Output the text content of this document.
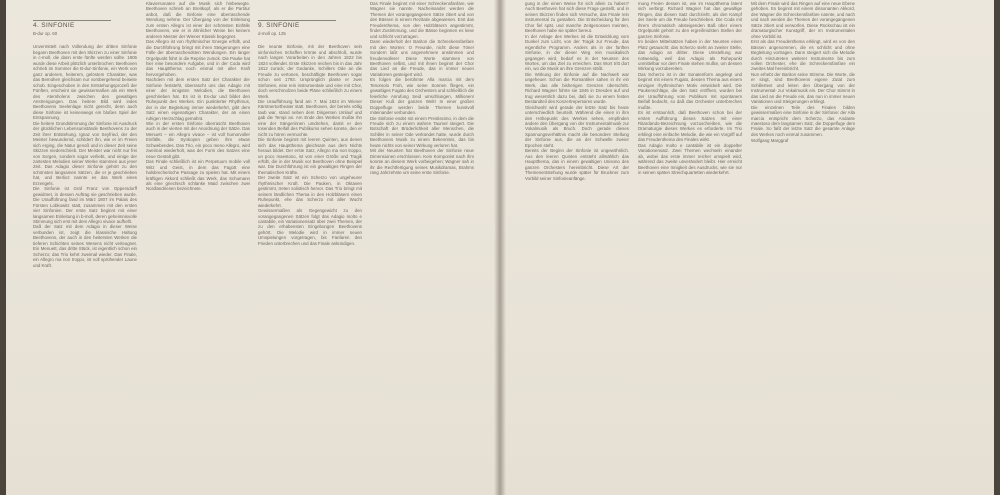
4. SINFONIE
B-dur op. 60

Unvermittelt nach Vollendung der dritten Sinfonie begann Beethoven mit den Skizzen zu einer Sinfonie in c-moll, die dann erste fünfte werden sollte. 1806 wurde diese Arbeit plötzlich unterbrochen: Beethoven schrieb im Sommer die B-dur-Sinfonie, ein Werk von ganz anderem, heiterem, gelöstem Charakter, was das Bemühen gleichsam nur vorübergehend beiseite schob. Eingeschoben in den Entstehungsprozeß der Fünften, erscheint sie gewissermaßen als ein Werk des Atemholens zwischen den gewaltigen Anstrengungen. Das heitere Bild wird indes Beethovens Seelenlage nicht gerecht, denn auch diese Sinfonie ist keineswegs ein bloßes Spiel der Entspannung.

Die heitere Grundstimmung der Sinfonie ist Ausdruck der glücklichen Lebensumstände Beethovens zu der Zeit ihrer Entstehung. Ignaz von Seyfried, der den Meister bewundernd, schildert ihn, wie er im Freien sich erging, die Natur genoß und in dieser Zeit seine Skizzen niederschrieb. Der Meister war nicht nur frei von Sorgen, sondern sogar verliebt, und einige der zartesten Melodien seiner Werke stammen aus jener Zeit. Das Adagio dieser Sinfonie gehört zu den schönsten langsamen Sätzen, die er je geschrieben hat, und Berlioz nannte es das Werk eines Erzengels.

Die Sinfonie ist Graf Franz von Oppersdorff gewidmet, in dessen Auftrag sie geschrieben wurde. Die Uraufführung fand im März 1807 im Palais des Fürsten Lobkowitz statt, zusammen mit den ersten vier Sinfonien. Der erste Satz beginnt mit einer langsamen Einleitung in b-moll, deren geheimnisvolle Stimmung sich erst mit dem Allegro vivace aufhellt.

Daß der Satz mit dem Adagio in dieser Weise verbunden ist, zeigt die klassische Haltung Beethovens, der auch in den heitersten Werken die tieferen Schichten seines Wesens nicht verleugnet. Ein Menuett, das dritte Stück, ist eigentlich schon ein Scherzo; das Trio kehrt zweimal wieder. Das Finale, ein Allegro ma non troppo, ist voll sprühender Laune und Kraft.

Klaviersonaten auf die Musik sich hinbewegte. Beethoven schrieb an Breitkopf, als er die Partitur anbot, daß die Sinfonie eine überraschende Wendung nehme. Der Übergang von der Einleitung zum ersten Allegro ist einer der schönsten Einfälle Beethovens, wie er in ähnlicher Weise bei keinem anderen Meister der Wiener Klassik begegnet.

Das Allegro ist von rhythmischer Energie erfüllt, und die Durchführung bringt mit ihren Steigerungen eine Fülle der überraschendsten Wendungen. Ein langer Orgelpunkt führt in die Reprise zurück. Die Pauke hat hier eine besondere Aufgabe, und in der Coda wird das Hauptthema noch einmal mit aller Kraft hervorgehoben.

Nachdem mit dem ersten Satz der Charakter der Sinfonie feststeht, überrascht uns das Adagio mit einer der innigsten Melodien, die Beethoven geschrieben hat. Es ist in Es-dur und bildet den Ruhepunkt des Werkes. Ein punktierter Rhythmus, der in der Begleitung immer wiederkehrt, gibt dem Satz einen eigenartigen Charakter, der an einen ruhigen Herzschlag gemahnt.

Wie in der ersten Sinfonie überrascht Beethoven auch in der vierten mit der Anordnung der Sätze. Das Menuett – ein Allegro vivace – ist voll humorvoller Einfälle, die Synkopen geben ihm etwas Schwebendes. Das Trio, ein poco meno Allegro, wird zweimal wiederholt, was der Form des Satzes eine neue Gestalt gibt.

Das Finale schließlich ist ein Perpetuum mobile voll Witz und Geist, in dem das Fagott eine halsbrecherische Passage zu spielen hat. Mit einem kräftigen Akkord schließt das Werk, das Schumann als eine griechisch schlanke Maid zwischen zwei Nordlandriesen bezeichnete.

9. SINFONIE
d-moll op. 125

Die neunte Sinfonie, mit der Beethoven sein sinfonisches Schaffen krönte und abschloß, wurde nach langen Vorarbeiten in den Jahren 1822 bis 1824 vollendet. Erste Skizzen reichen bis in das Jahr 1812 zurück; der Gedanke, Schillers Ode an die Freude zu vertonen, beschäftigte Beethoven sogar schon seit 1793. Ursprünglich plante er zwei Sinfonien, eine rein instrumentale und eine mit Chor, doch verschmolzen beide Pläne schließlich zu einem Werk.

Die Uraufführung fand am 7. Mai 1824 im Wiener Kärntnertortheater statt. Beethoven, der bereits völlig taub war, stand neben dem Dirigenten Umlauf und gab die Tempi an. Am Ende des Werkes mußte ihn eine der Sängerinnen umdrehen, damit er den tosenden Beifall des Publikums sehen konnte, den er nicht zu hören vermochte.

Die Sinfonie beginnt mit leeren Quinten, aus denen sich das Hauptthema gleichsam aus dem Nichts heraus bildet. Der erste Satz, Allegro ma non troppo, un poco maestoso, ist von einer Größe und Tragik erfüllt, die in der Musik vor Beethoven ohne Beispiel war. Die Durchführung ist ein gewaltiges Ringen der thematischen Kräfte.

Der zweite Satz ist ein Scherzo von ungeheurer rhythmischer Kraft. Die Pauken, in Oktaven gestimmt, treten solistisch hervor. Das Trio bringt mit seinem ländlichen Thema in den Holzbläsern einen Ruhepunkt, ehe das Scherzo mit aller Wucht wiederkehrt.

Gewissermaßen als Gegengewicht zu den vorangegangenen Sätzen folgt das Adagio molto e cantabile, ein Variationensatz über zwei Themen, der zu den erhabensten Eingebungen Beethovens gehört. Die Melodie wird in immer neuen Umspielungen vorgetragen, bis Fanfaren den Frieden unterbrechen und das Finale ankündigen.

Das Finale beginnt mit einer Schreckensfanfare, wie Wagner sie nannte. Nacheinander werden die Themen der vorangegangenen Sätze zitiert und von den Bässen in einem Rezitativ abgewiesen. Erst das Freudenthema, von den Holzbläsern angestimmt, findet Zustimmung, und die Bässe beginnen es leise und schlicht vorzutragen.

Dann wiederholt der Bariton die Schreckensfanfare mit den Worten: O Freunde, nicht diese Töne! Sondern laßt uns angenehmere anstimmen und freudenvollere! Diese Worte stammen von Beethoven selbst, und mit ihnen beginnt der Chor das Lied an die Freude, das in immer neuen Variationen gesteigert wird.

Es folgen die berühmte Alla marcia mit dem Tenorsolo Froh, wie seine Sonnen fliegen, ein gewaltiges Fugato des Orchesters und schließlich die feierliche Anrufung Seid umschlungen, Millionen! Dieser Kuß der ganzen Welt! In einer großen Doppelfuge werden beide Themen kunstvoll miteinander verbunden.

Die Sinfonie endet mit einem Prestissimo, in dem die Freude sich zu einem wahren Taumel steigert. Die Botschaft der Brüderlichkeit aller Menschen, die Schiller in seiner Ode verkündet hatte, wurde durch Beethovens Musik zu einem Bekenntnis, das bis heute nichts von seiner Wirkung verloren hat.

Mit der Neunten hat Beethoven der Sinfonie neue Dimensionen erschlossen. Kein Komponist nach ihm konnte an diesem Werk vorbeigehen; Wagner sah in ihr die Rechtfertigung seines Musikdramas, Brahms rang Jahrzehnte um seine erste Sinfonie.

gung in der einen Weise für sich allein zu haben? Auch Beethoven hat sich diese Frage gestellt, und in seinen Skizzen finden sich Versuche, das Finale rein instrumental zu gestalten. Die Entscheidung für den Chor fiel spät, und manche Zeitgenossen meinten, Beethoven habe sie später bereut.

In der Anlage des Werkes ist die Entwicklung vom Dunkel zum Licht, von der Tragik zur Freude, das eigentliche Programm. Anders als in der fünften Sinfonie, in der dieser Weg rein musikalisch gegangen wird, bedarf es in der Neunten des Wortes, um das Ziel zu erreichen. Das Wort tritt dort ein, wo die Musik an ihre Grenzen stößt.

Die Wirkung der Sinfonie auf die Nachwelt war ungeheuer. Schon die Romantiker sahen in ihr ein Werk, das alle bisherigen Grenzen überschritt. Richard Wagner führte sie 1846 in Dresden auf und trug wesentlich dazu bei, daß sie zu einem festen Bestandteil des Konzertrepertoires wurde.

Gleichwohl wird gerade der letzte Satz bis heute unterschiedlich beurteilt. Während die einen in ihm den Höhepunkt des Werkes sehen, empfinden andere den Übergang von der Instrumentalmusik zur Vokalmusik als Bruch. Doch gerade dieses Spannungsverhältnis macht die besondere Stellung der Sinfonie aus, die an der Schwelle zweier Epochen steht.

Bereits der Beginn der Sinfonie ist ungewöhnlich. Aus den leeren Quinten entsteht allmählich das Hauptthema, das in einem gewaltigen Unisono des ganzen Orchesters hereinbricht. Diese Art der Themenentstehung wurde später für Bruckner zum Vorbild seiner Sinfonieanfänge.

mung Freien dessen ist, wie im Hauptthema latent sich verbirgt. Richard Wagner hat das gewaltige Ringen, das diesen Satz durchzieht, als den Kampf der Seele um die Freude beschrieben. Die Coda mit ihrem chromatisch absteigenden Baß über einem Orgelpunkt gehört zu den ergreifendsten Stellen der ganzen Sinfonie.

Im beiden Mittelsätzen haben in der Neunten einen Platz getauscht: das Scherzo steht an zweiter Stelle, das Adagio an dritter. Diese Umstellung war notwendig, weil das Adagio als Ruhepunkt unmittelbar vor dem Finale stehen mußte, um dessen Wirkung vorzubereiten.

Das Scherzo ist in der Sonatenform angelegt und beginnt mit einem Fugato, dessen Thema aus einem einzigen rhythmischen Motiv entwickelt wird. Die Paukenschläge, die den Satz eröffnen, wurden bei der Uraufführung vom Publikum mit spontanem Beifall bedacht, so daß das Orchester unterbrechen mußte.

Es ist erstaunlich, daß Beethoven schon bei der ersten Aufführung dieses Satzes mit einer Ritardando-Bezeichnung vorzuschreiben, wie die Dramaturgie dieses Werkes es erforderte. Im Trio erklingt eine einfache Melodie, die wie ein Vorgriff auf das Freudenthema des Finales wirkt.

Das Adagio molto e cantabile ist ein doppelter Variationensatz. Zwei Themen wechseln einander ab, wobei das erste immer reicher umspielt wird, während das zweite unverändert bleibt. Hier erreicht Beethoven eine Innigkeit des Ausdrucks, wie sie nur in seinen späten Streichquartetten wiederkehrt.

Mit dem Finale wird das Ringen auf eine neue Ebene gehoben. Es beginnt mit einem dissonanten Akkord, den Wagner die Schreckensfanfare nannte, und nach und nach werden die Themen der vorangegangenen Sätze zitiert und verworfen. Diese Rückschau ist ein dramaturgischer Kunstgriff, der im Instrumentalen ohne Vorbild ist.

Erst als das Freudenthema erklingt, wird es von den Bässen angenommen, die es schlicht und ohne Begleitung vortragen. Dann steigert sich die Melodie durch Hinzutreten weiterer Instrumente bis zum vollen Orchester, ehe die Schreckensfanfare ein zweites Mal hereinbricht.

Nun erhebt der Bariton seine Stimme. Die Worte, die er singt, sind Beethovens eigene Zutat zum Schillertext und leiten den Übergang von der Instrumental- zur Vokalmusik ein. Der Chor stimmt in das Lied an die Freude ein, das nun in immer neuen Variationen und Steigerungen erklingt.

Die einzelnen Teile des Finales bilden gewissermaßen eine Sinfonie in der Sinfonie: der Alla marcia entspricht dem Scherzo, das Andante maestoso dem langsamen Satz, die Doppelfuge dem Finale. So faßt der letzte Satz die gesamte Anlage des Werkes noch einmal zusammen.

Wolfgang Marggraf
